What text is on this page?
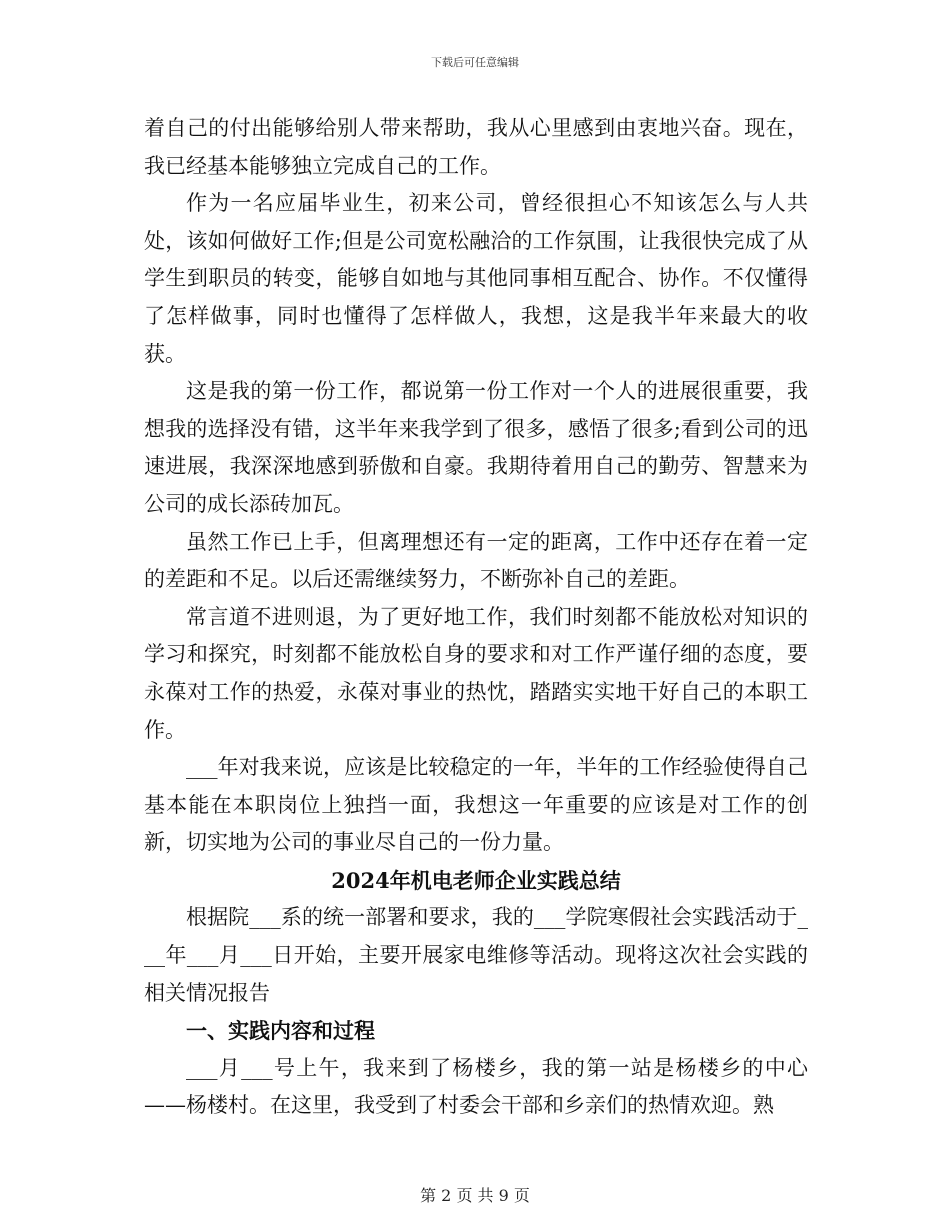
下载后可任意编辑

着自己的付出能够给别人带来帮助，我从心里感到由衷地兴奋。现在，我已经基本能够独立完成自己的工作。

作为一名应届毕业生，初来公司，曾经很担心不知该怎么与人共处，该如何做好工作;但是公司宽松融洽的工作氛围，让我很快完成了从学生到职员的转变，能够自如地与其他同事相互配合、协作。不仅懂得了怎样做事，同时也懂得了怎样做人，我想，这是我半年来最大的收获。

这是我的第一份工作，都说第一份工作对一个人的进展很重要，我想我的选择没有错，这半年来我学到了很多，感悟了很多;看到公司的迅速进展，我深深地感到骄傲和自豪。我期待着用自己的勤劳、智慧来为公司的成长添砖加瓦。

虽然工作已上手，但离理想还有一定的距离，工作中还存在着一定的差距和不足。以后还需继续努力，不断弥补自己的差距。

常言道不进则退，为了更好地工作，我们时刻都不能放松对知识的学习和探究，时刻都不能放松自身的要求和对工作严谨仔细的态度，要永葆对工作的热爱，永葆对事业的热忱，踏踏实实地干好自己的本职工作。

___年对我来说，应该是比较稳定的一年，半年的工作经验使得自己基本能在本职岗位上独挡一面，我想这一年重要的应该是对工作的创新，切实地为公司的事业尽自己的一份力量。

2024年机电老师企业实践总结

根据院___系的统一部署和要求，我的___学院寒假社会实践活动于___年___月___日开始，主要开展家电维修等活动。现将这次社会实践的相关情况报告

一、实践内容和过程

___月___号上午，我来到了杨楼乡，我的第一站是杨楼乡的中心——杨楼村。在这里，我受到了村委会干部和乡亲们的热情欢迎。熟

第 2 页 共 9 页
